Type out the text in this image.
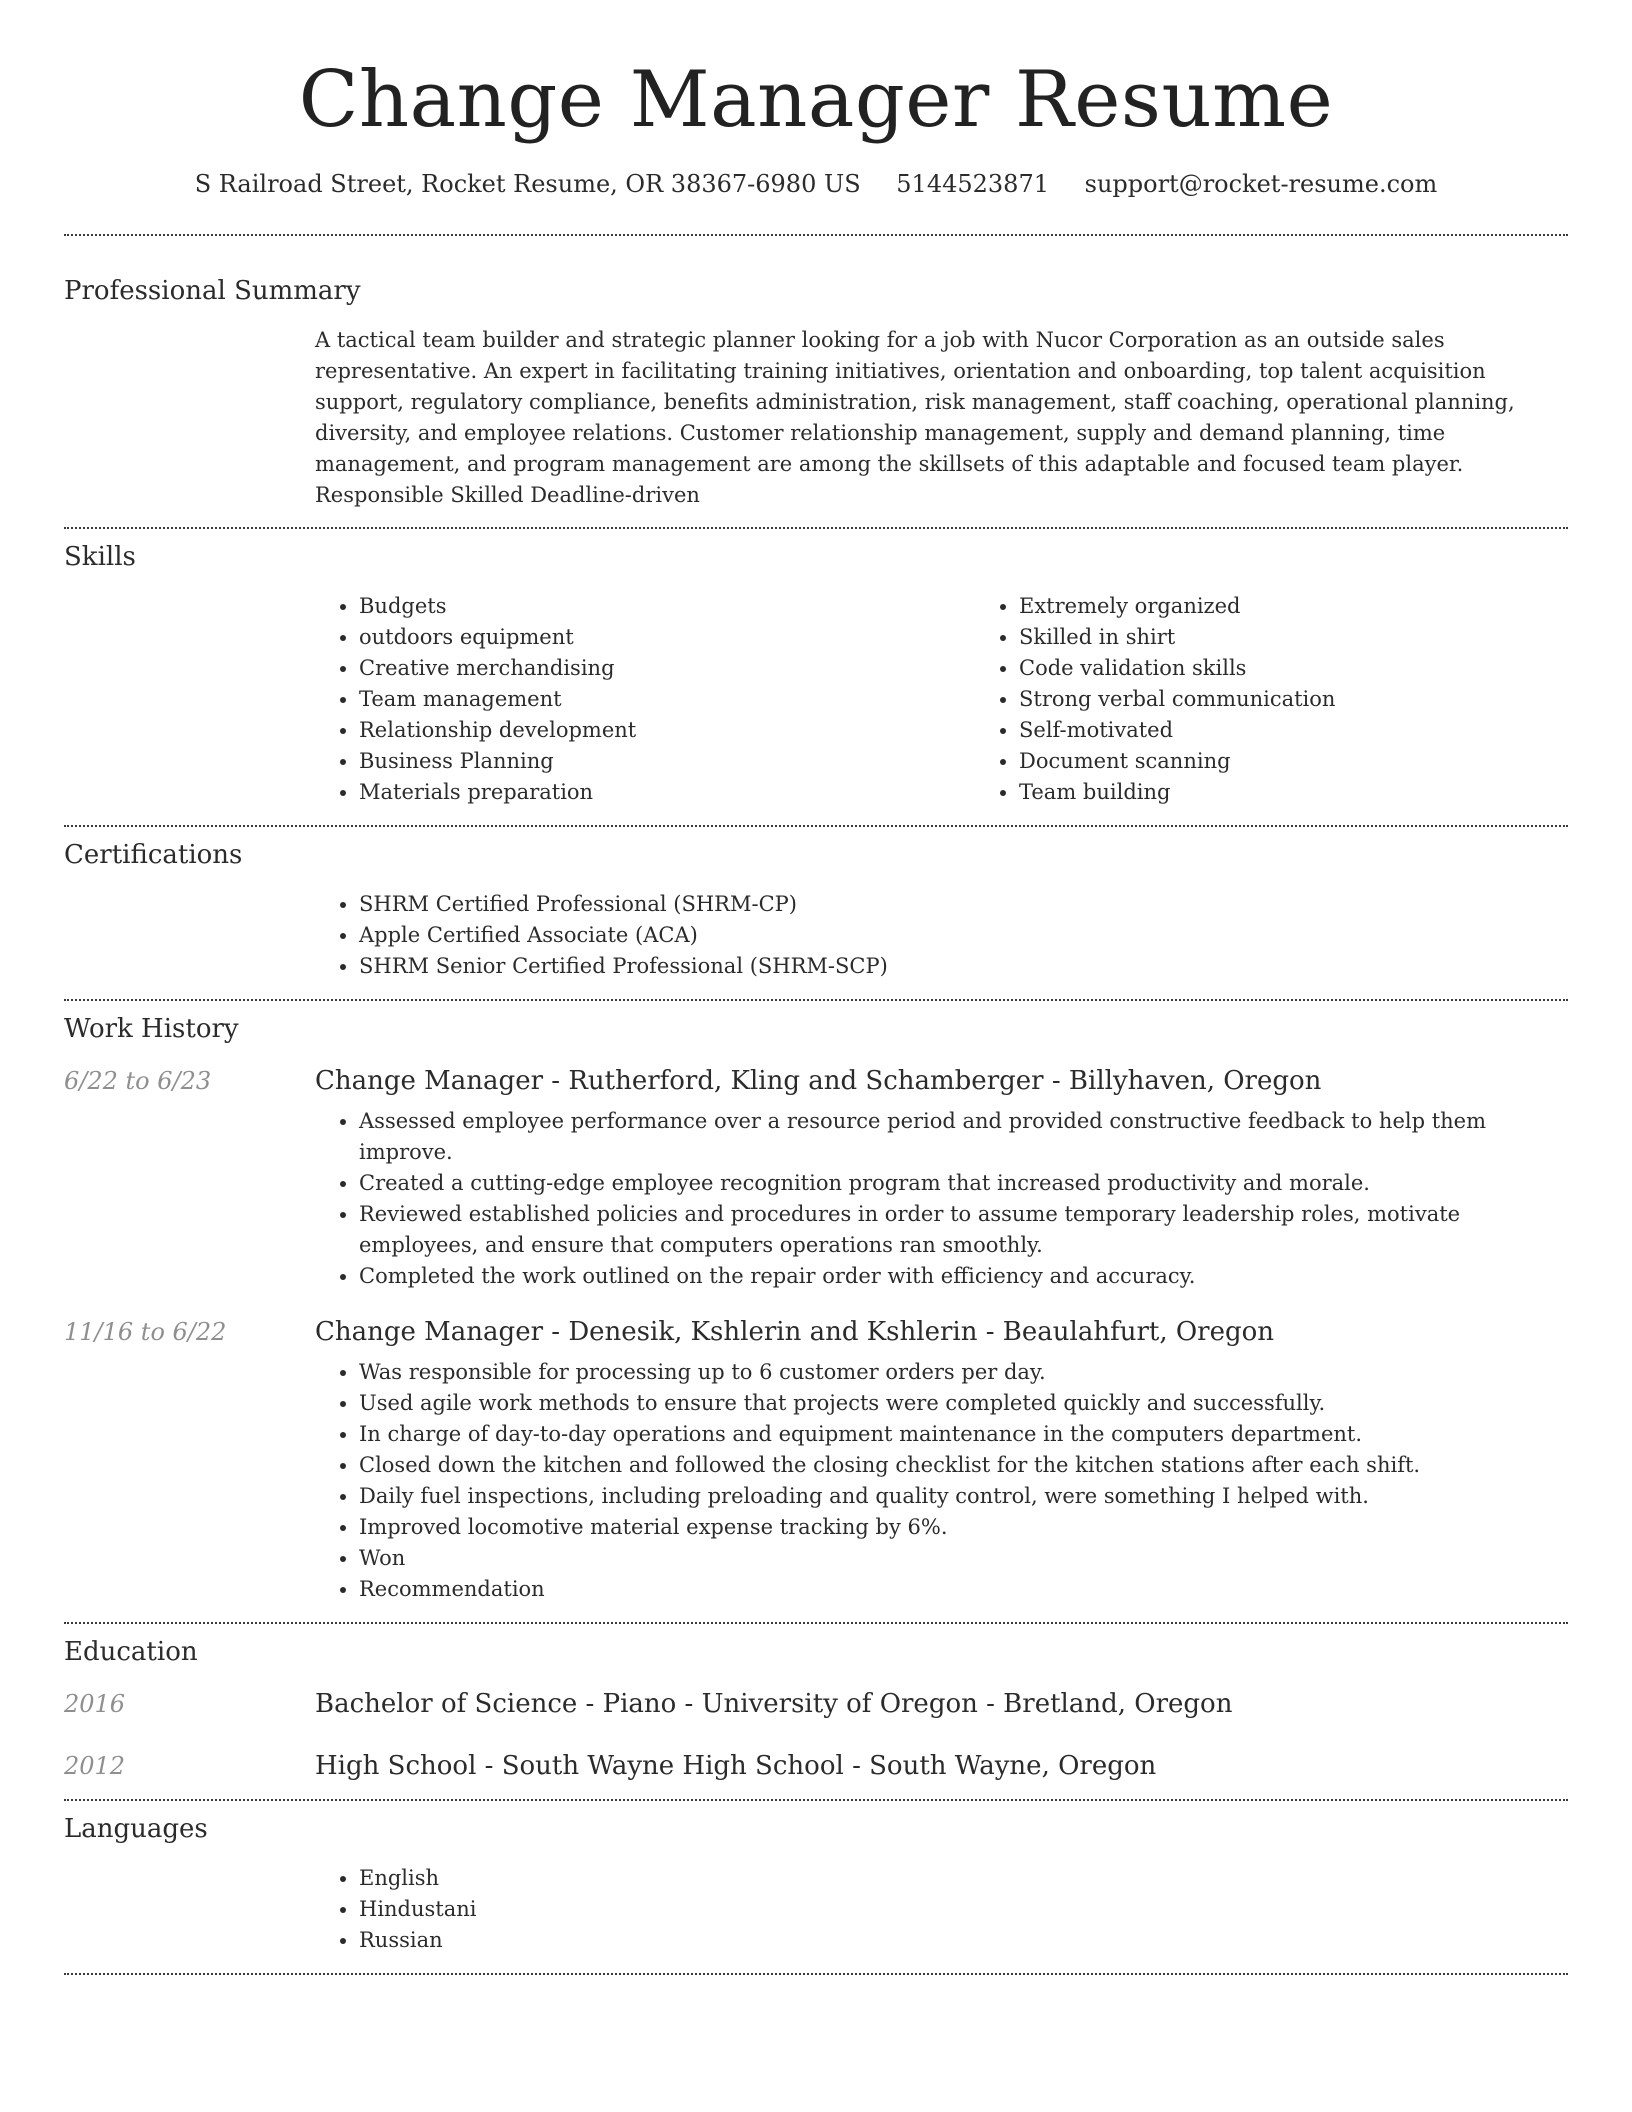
Change Manager Resume
S Railroad Street, Rocket Resume, OR 38367-6980 US 5144523871 support@rocket-resume.com
Professional Summary

A tactical team builder and strategic planner looking for a job with Nucor Corporation as an outside sales representative. An expert in facilitating training initiatives, orientation and onboarding, top talent acquisition support, regulatory compliance, benefits administration, risk management, staff coaching, operational planning, diversity, and employee relations. Customer relationship management, supply and demand planning, time management, and program management are among the skillsets of this adaptable and focused team player. Responsible Skilled Deadline-driven

Skills
• Budgets
• outdoors equipment
• Creative merchandising
• Team management
• Relationship development
• Business Planning
• Materials preparation
• Extremely organized
• Skilled in shirt
• Code validation skills
• Strong verbal communication
• Self-motivated
• Document scanning
• Team building
Certifications
• SHRM Certified Professional (SHRM-CP)
• Apple Certified Associate (ACA)
• SHRM Senior Certified Professional (SHRM-SCP)
Work History
6/22 to 6/23	Change Manager - Rutherford, Kling and Schamberger - Billyhaven, Oregon
• Assessed employee performance over a resource period and provided constructive feedback to help them improve.
• Created a cutting-edge employee recognition program that increased productivity and morale.
• Reviewed established policies and procedures in order to assume temporary leadership roles, motivate employees, and ensure that computers operations ran smoothly.
• Completed the work outlined on the repair order with efficiency and accuracy.
11/16 to 6/22	Change Manager - Denesik, Kshlerin and Kshlerin - Beaulahfurt, Oregon
• Was responsible for processing up to 6 customer orders per day.
• Used agile work methods to ensure that projects were completed quickly and successfully.
• In charge of day-to-day operations and equipment maintenance in the computers department.
• Closed down the kitchen and followed the closing checklist for the kitchen stations after each shift.
• Daily fuel inspections, including preloading and quality control, were something I helped with.
• Improved locomotive material expense tracking by 6%.
• Won
• Recommendation
Education
2016	Bachelor of Science - Piano - University of Oregon - Bretland, Oregon
2012	High School - South Wayne High School - South Wayne, Oregon
Languages
• English
• Hindustani
• Russian
